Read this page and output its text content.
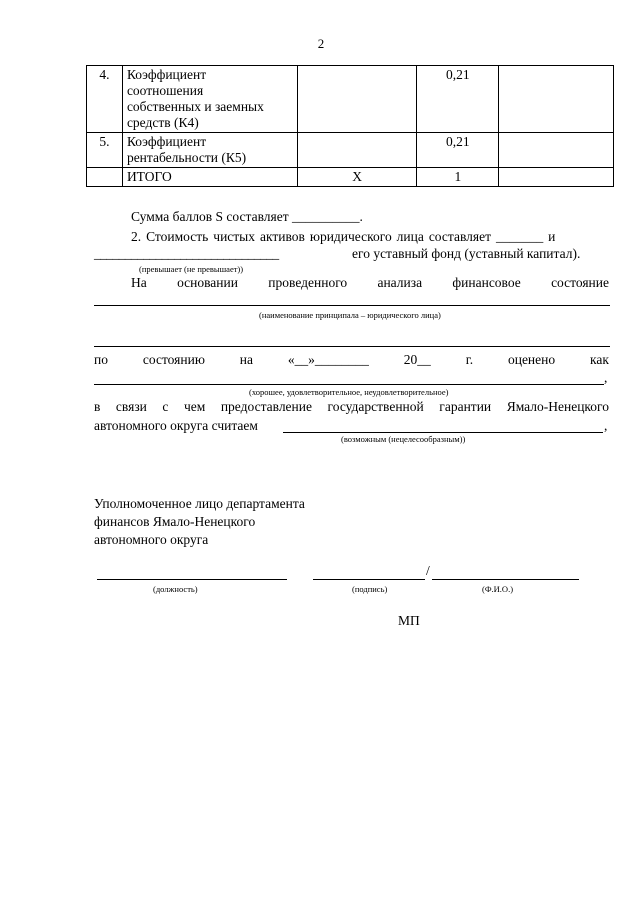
2
4.	Коэффициент
соотношения
собственных и заемных
средств (К4)		0,21	
5.	Коэффициент
рентабельности (К5)		0,21	

	ИТОГО	Х	1	
Сумма баллов S составляет __________.
2. Стоимость чистых активов юридического лица составляет _______ и
______________________________	его уставный фонд (уставный капитал).
(превышает (не превышает))
На основании проведенного анализа финансовое состояние
(наименование принципала – юридического лица)
по	состоянию	на	«__»________	20__	г.	оценено	как
,
(хорошее, удовлетворительное, неудовлетворительное)
в связи с чем предоставление государственной гарантии Ямало-Ненецкого
автономного округа считаем	,
(возможным (нецелесообразным))
Уполномоченное лицо департамента
финансов Ямало-Ненецкого
автономного округа
/
(должность)	(подпись)	(Ф.И.О.)
МП
